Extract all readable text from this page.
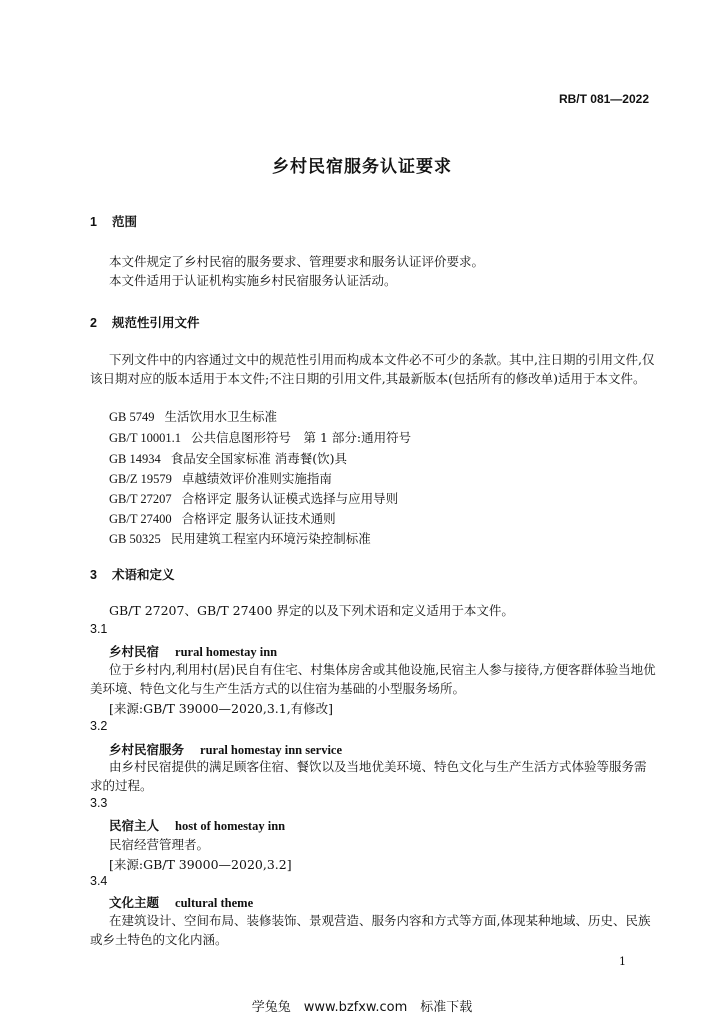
RB/T 081—2022
乡村民宿服务认证要求
1 范围
本文件规定了乡村民宿的服务要求、管理要求和服务认证评价要求。
本文件适用于认证机构实施乡村民宿服务认证活动。
2 规范性引用文件
下列文件中的内容通过文中的规范性引用而构成本文件必不可少的条款。其中,注日期的引用文件,仅该日期对应的版本适用于本文件;不注日期的引用文件,其最新版本(包括所有的修改单)适用于本文件。
GB 5749 生活饮用水卫生标准
GB/T 10001.1 公共信息图形符号　第 1 部分:通用符号
GB 14934 食品安全国家标准 消毒餐(饮)具
GB/Z 19579 卓越绩效评价准则实施指南
GB/T 27207 合格评定 服务认证模式选择与应用导则
GB/T 27400 合格评定 服务认证技术通则
GB 50325 民用建筑工程室内环境污染控制标准
3 术语和定义
GB/T 27207、GB/T 27400 界定的以及下列术语和定义适用于本文件。
3.1
乡村民宿 rural homestay inn
位于乡村内,利用村(居)民自有住宅、村集体房舍或其他设施,民宿主人参与接待,方便客群体验当地优美环境、特色文化与生产生活方式的以住宿为基础的小型服务场所。
[来源:GB/T 39000—2020,3.1,有修改]
3.2
乡村民宿服务 rural homestay inn service
由乡村民宿提供的满足顾客住宿、餐饮以及当地优美环境、特色文化与生产生活方式体验等服务需求的过程。
3.3
民宿主人 host of homestay inn
民宿经营管理者。
[来源:GB/T 39000—2020,3.2]
3.4
文化主题 cultural theme
在建筑设计、空间布局、装修装饰、景观营造、服务内容和方式等方面,体现某种地域、历史、民族或乡土特色的文化内涵。
1
学兔兔　www.bzfxw.com　标准下载
